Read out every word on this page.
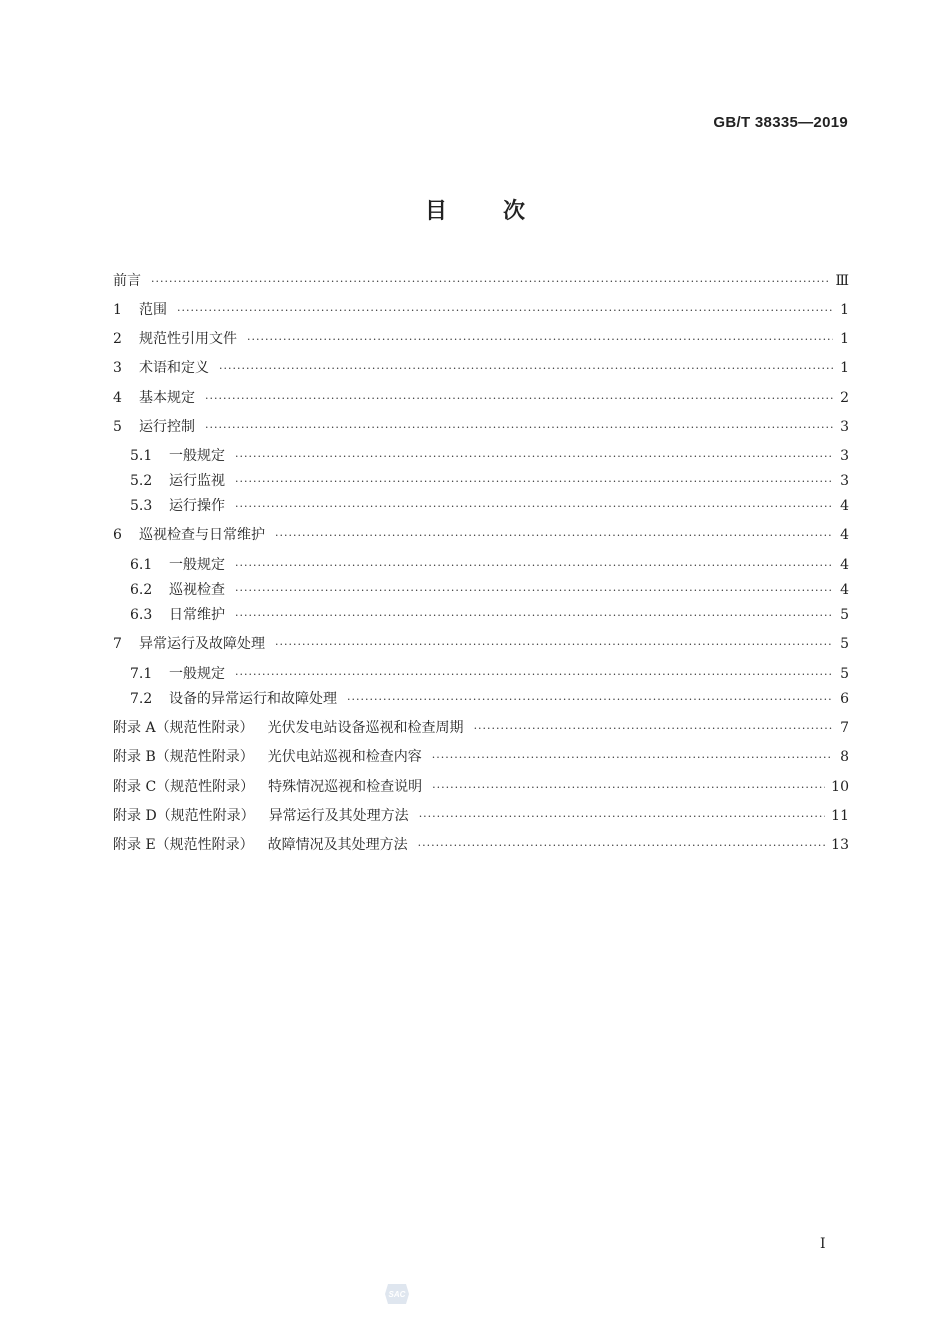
GB/T 38335—2019
目次
前言 ·····	Ⅲ
1	范围 ·····	1
2	规范性引用文件 ·····	1
3	术语和定义 ·····	1
4	基本规定 ·····	2
5	运行控制 ·····	3
5.1	一般规定 ·····	3
5.2	运行监视 ·····	3
5.3	运行操作 ·····	4
6	巡视检查与日常维护 ·····	4
6.1	一般规定 ·····	4
6.2	巡视检查 ·····	4
6.3	日常维护 ·····	5
7	异常运行及故障处理 ·····	5
7.1	一般规定 ·····	5
7.2	设备的异常运行和故障处理 ·····	6
附录 A （规范性附录） 光伏发电站设备巡视和检查周期 ·····	7
附录 B （规范性附录） 光伏电站巡视和检查内容 ·····	8
附录 C （规范性附录） 特殊情况巡视和检查说明 ·····	10
附录 D （规范性附录） 异常运行及其处理方法 ·····	11
附录 E （规范性附录） 故障情况及其处理方法 ·····	13
I
SAC
